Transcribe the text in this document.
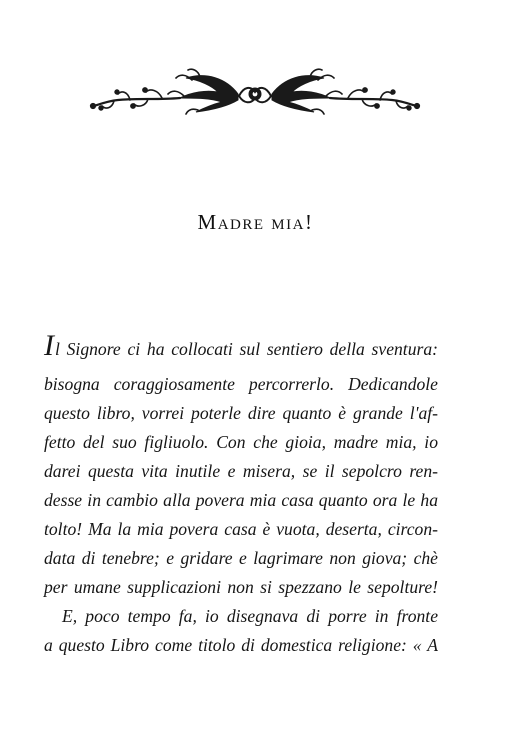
Madre mia!
Il Signore ci ha collocati sul sentiero della sventura:
bisogna coraggiosamente percorrerlo. Dedicandole
questo libro, vorrei poterle dire quanto è grande l'af-
fetto del suo figliuolo. Con che gioia, madre mia, io
darei questa vita inutile e misera, se il sepolcro ren-
desse in cambio alla povera mia casa quanto ora le ha
tolto! Ma la mia povera casa è vuota, deserta, circon-
data di tenebre; e gridare e lagrimare non giova; chè
per umane supplicazioni non si spezzano le sepolture!
E, poco tempo fa, io disegnava di porre in fronte
a questo Libro come titolo di domestica religione: « A
